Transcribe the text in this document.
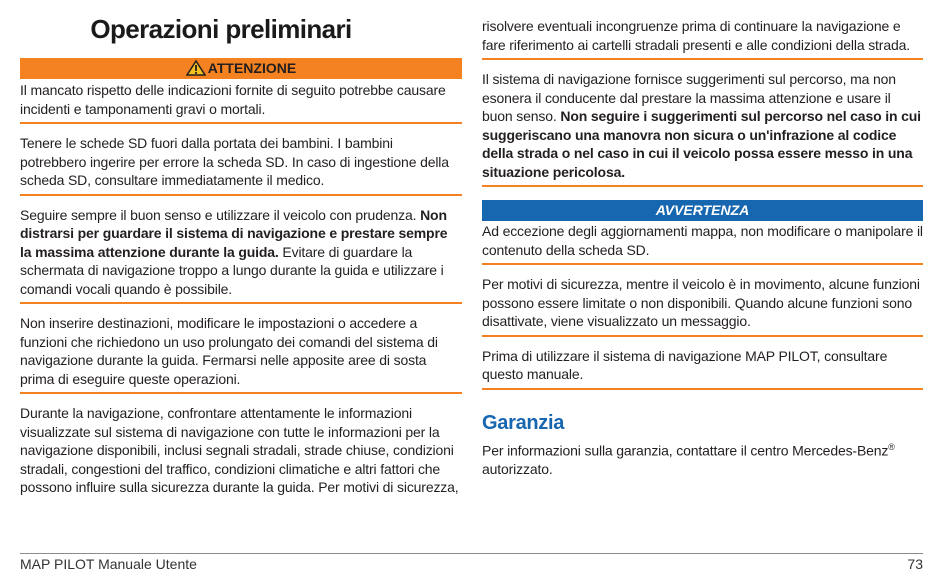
Operazioni preliminari
ATTENZIONE
Il mancato rispetto delle indicazioni fornite di seguito potrebbe causare incidenti e tamponamenti gravi o mortali.
Tenere le schede SD fuori dalla portata dei bambini. I bambini potrebbero ingerire per errore la scheda SD. In caso di ingestione della scheda SD, consultare immediatamente il medico.
Seguire sempre il buon senso e utilizzare il veicolo con prudenza. Non distrarsi per guardare il sistema di navigazione e prestare sempre la massima attenzione durante la guida. Evitare di guardare la schermata di navigazione troppo a lungo durante la guida e utilizzare i comandi vocali quando è possibile.
Non inserire destinazioni, modificare le impostazioni o accedere a funzioni che richiedono un uso prolungato dei comandi del sistema di navigazione durante la guida. Fermarsi nelle apposite aree di sosta prima di eseguire queste operazioni.
Durante la navigazione, confrontare attentamente le informazioni visualizzate sul sistema di navigazione con tutte le informazioni per la navigazione disponibili, inclusi segnali stradali, strade chiuse, condizioni stradali, congestioni del traffico, condizioni climatiche e altri fattori che possono influire sulla sicurezza durante la guida. Per motivi di sicurezza,
risolvere eventuali incongruenze prima di continuare la navigazione e fare riferimento ai cartelli stradali presenti e alle condizioni della strada.
Il sistema di navigazione fornisce suggerimenti sul percorso, ma non esonera il conducente dal prestare la massima attenzione e usare il buon senso. Non seguire i suggerimenti sul percorso nel caso in cui suggeriscano una manovra non sicura o un'infrazione al codice della strada o nel caso in cui il veicolo possa essere messo in una situazione pericolosa.
AVVERTENZA
Ad eccezione degli aggiornamenti mappa, non modificare o manipolare il contenuto della scheda SD.
Per motivi di sicurezza, mentre il veicolo è in movimento, alcune funzioni possono essere limitate o non disponibili. Quando alcune funzioni sono disattivate, viene visualizzato un messaggio.
Prima di utilizzare il sistema di navigazione MAP PILOT, consultare questo manuale.
Garanzia
Per informazioni sulla garanzia, contattare il centro Mercedes-Benz® autorizzato.
MAP PILOT Manuale Utente	73
